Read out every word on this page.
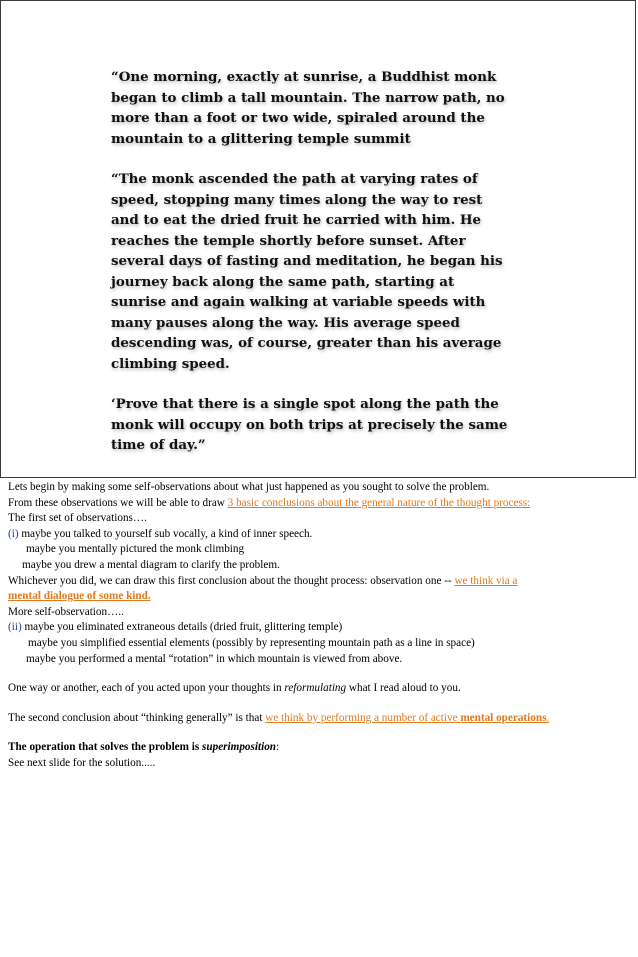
“One morning, exactly at sunrise, a Buddhist monk began to climb a tall mountain. The narrow path, no more than a foot or two wide, spiraled around the mountain to a glittering temple summit

“The monk ascended the path at varying rates of speed, stopping many times along the way to rest and to eat the dried fruit he carried with him. He reaches the temple shortly before sunset. After several days of fasting and meditation, he began his journey back along the same path, starting at sunrise and again walking at variable speeds with many pauses along the way. His average speed descending was, of course, greater than his average climbing speed.

‘Prove that there is a single spot along the path the monk will occupy on both trips at precisely the same time of day.”

Lets begin by making some self-observations about what just happened as you sought to solve the problem.
From these observations we will be able to draw 3 basic conclusions about the general nature of the thought process:
The first set of observations….
(i) maybe you talked to yourself sub vocally, a kind of inner speech.
maybe you mentally pictured the monk climbing
maybe you drew a mental diagram to clarify the problem.
Whichever you did, we can draw this first conclusion about the thought process: observation one -- we think via a
mental dialogue of some kind.
More self-observation…..
(ii) maybe you eliminated extraneous details (dried fruit, glittering temple)
maybe you simplified essential elements (possibly by representing mountain path as a line in space)
maybe you performed a mental “rotation” in which mountain is viewed from above.
One way or another, each of you acted upon your thoughts in reformulating what I read aloud to you.
The second conclusion about “thinking generally” is that we think by performing a number of active mental operations.
The operation that solves the problem is superimposition:
See next slide for the solution.....
